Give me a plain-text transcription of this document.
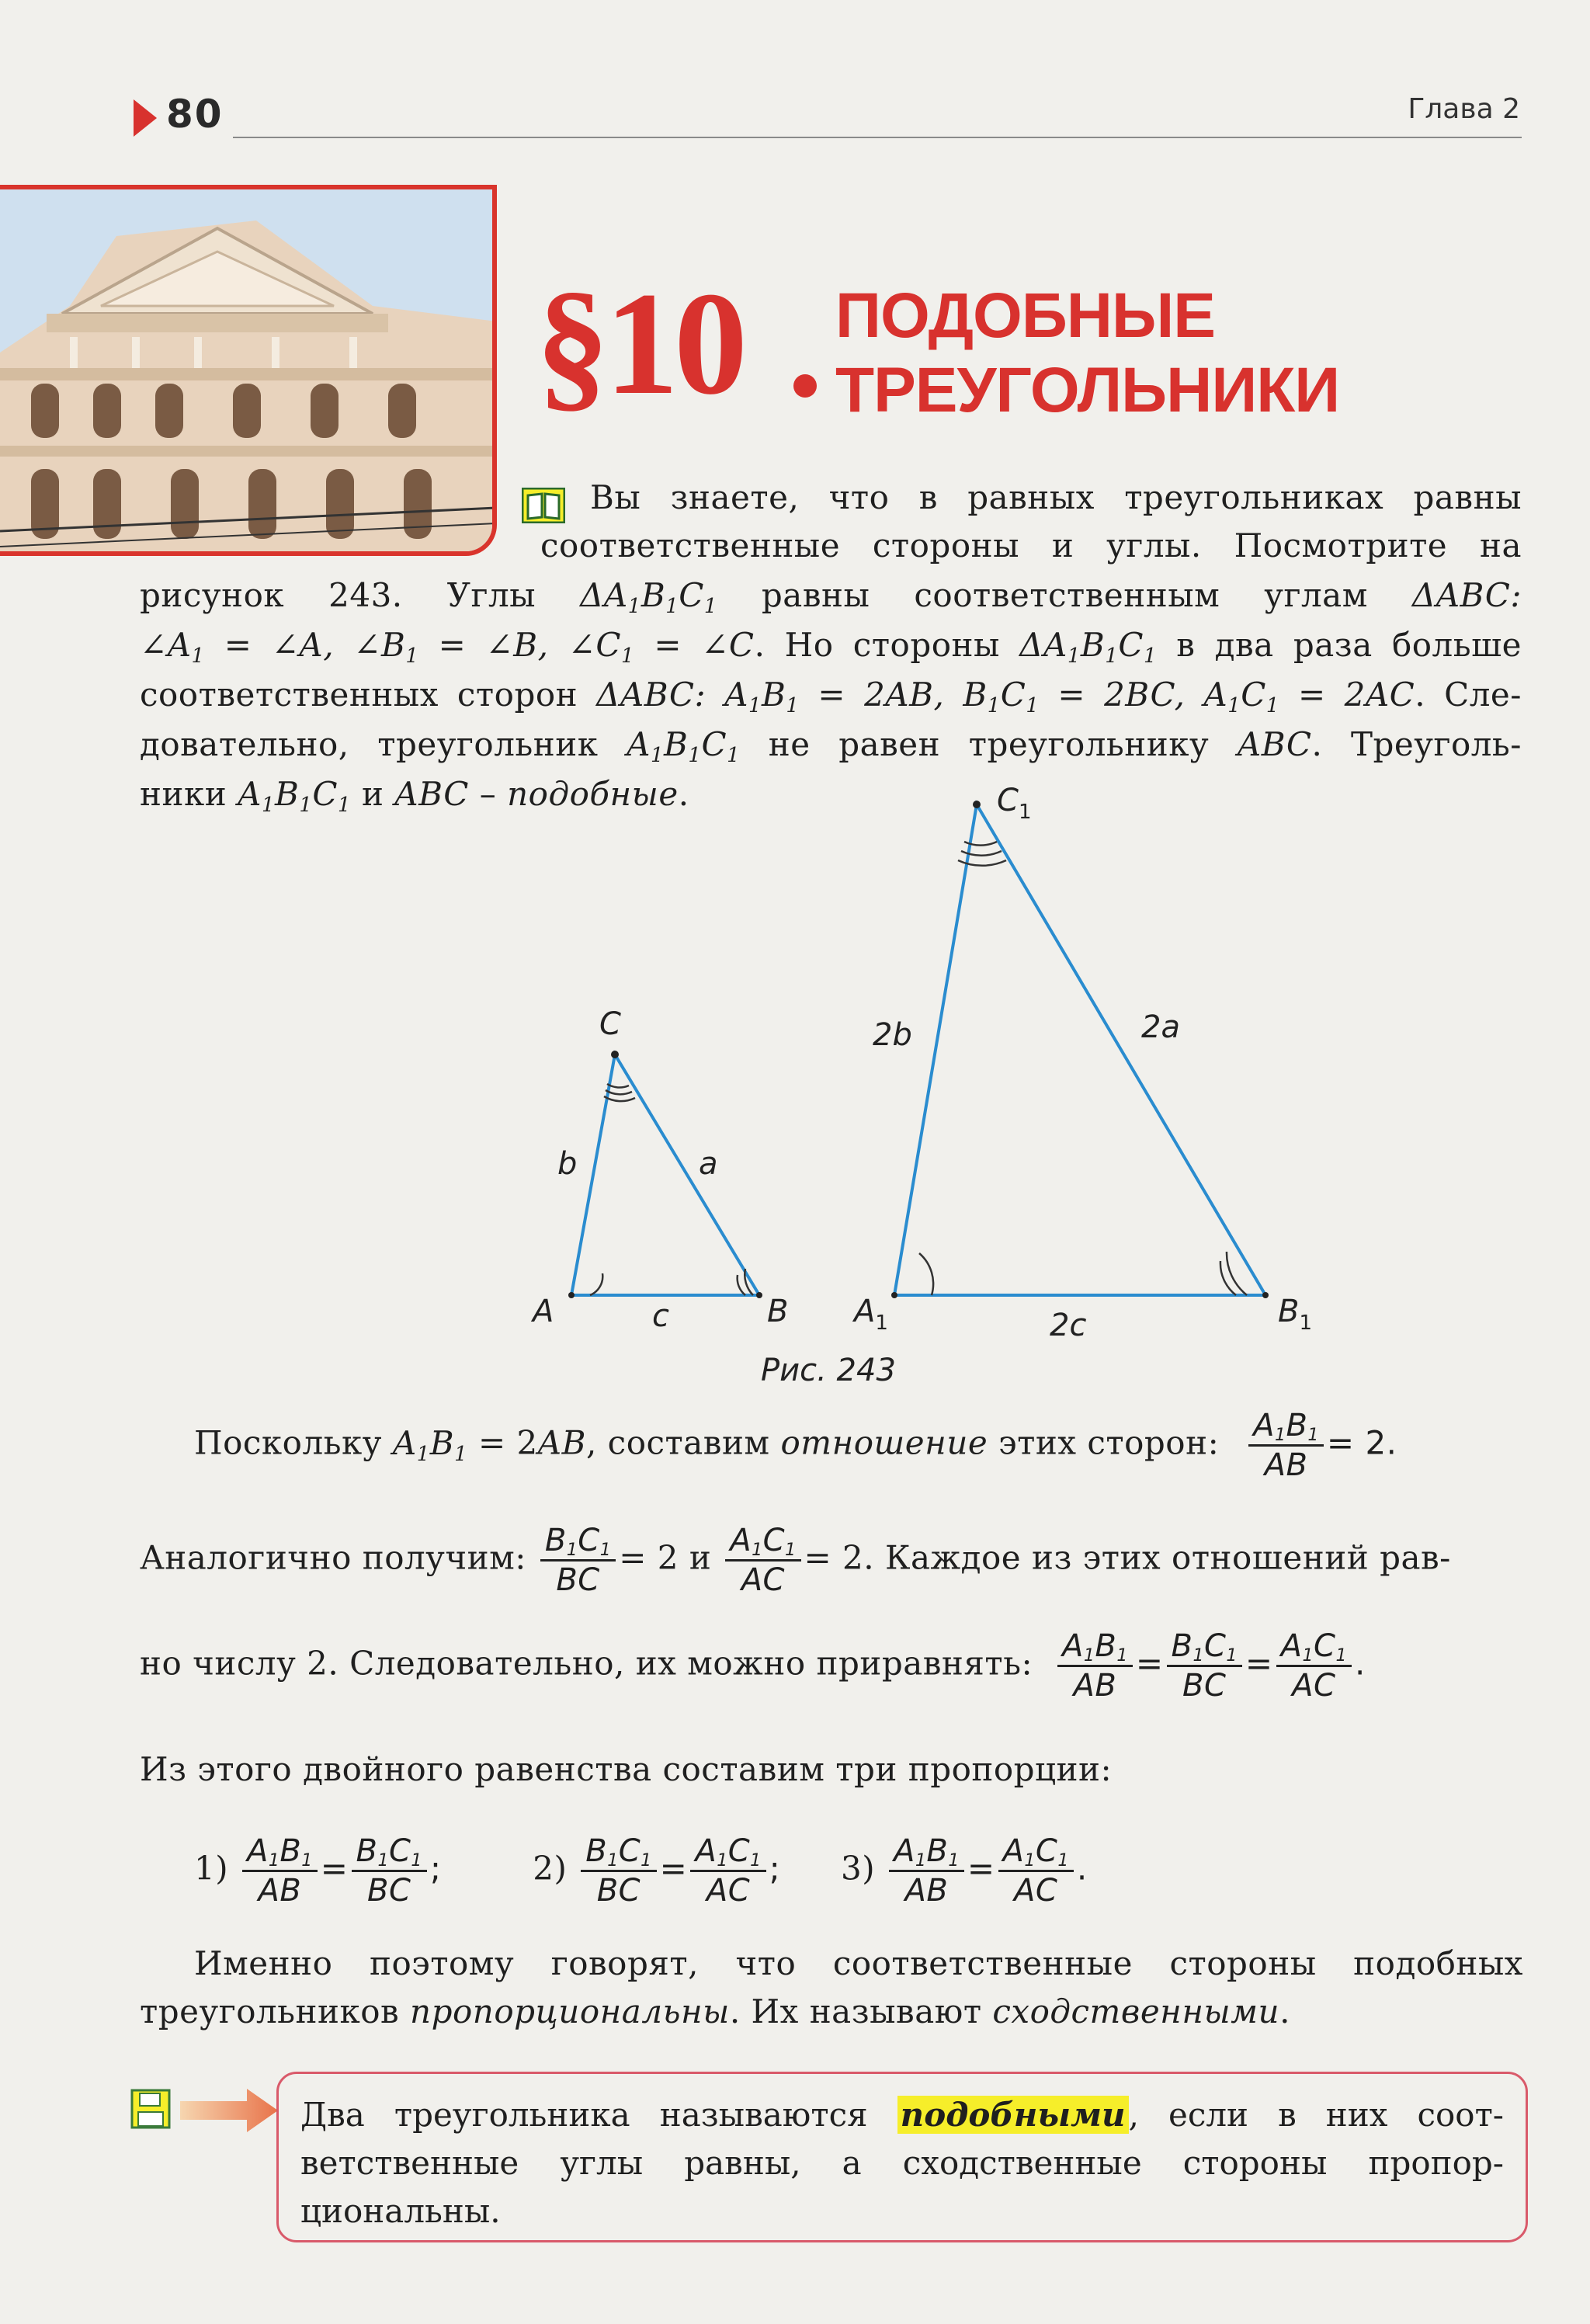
80	Глава 2
§10 ПОДОБНЫЕ
ТРЕУГОЛЬНИКИ
Вы знаете, что в равных треугольниках равны
соответственные стороны и углы. Посмотрите на
рисунок 243. Углы $\Delta A_1B_1C_1$ равны соответственным углам ΔABC:
$\angle A_1$ = ∠A, $\angle B_1$ = ∠B, $\angle C_1$ = ∠C. Но стороны $\Delta A_1B_1C_1$ в два раза больше
соответственных сторон ΔABC: $A_1B_1 = 2AB$, $B_1C_1 = 2BC$, $A_1C_1 = 2AC$. Сле-
довательно, треугольник $A_1B_1C_1$ не равен треугольнику ABC. Треуголь-
ники $A_1B_1C_1$ и ABC – подобные.
C
b	a
A	c	B
$C_1$
2b	2a
$A_1$	2c	$B_1$
Рис. 243
Поскольку $A_1B_1 = 2AB$, составим отношение этих сторон: $\frac{A_1B_1}{AB} = 2$.
Аналогично получим: $\frac{B_1C_1}{BC} = 2$ и $\frac{A_1C_1}{AC} = 2$. Каждое из этих отношений рав-
но числу 2. Следовательно, их можно приравнять: $\frac{A_1B_1}{AB} = \frac{B_1C_1}{BC} = \frac{A_1C_1}{AC}$ .
Из этого двойного равенства составим три пропорции:
$1) \frac{A_1B_1}{AB} = \frac{B_1C_1}{BC}$ ;	$2) \frac{B_1C_1}{BC} = \frac{A_1C_1}{AC}$ ; $3) \frac{A_1B_1}{AB} = \frac{A_1C_1}{AC}$ .
Именно поэтому говорят, что соответственные стороны подобных
треугольников пропорциональны. Их называют сходственными.
Два треугольника называются подобными, если в них соот-ветственные углы равны, а сходственные стороны пропор-циональны.
